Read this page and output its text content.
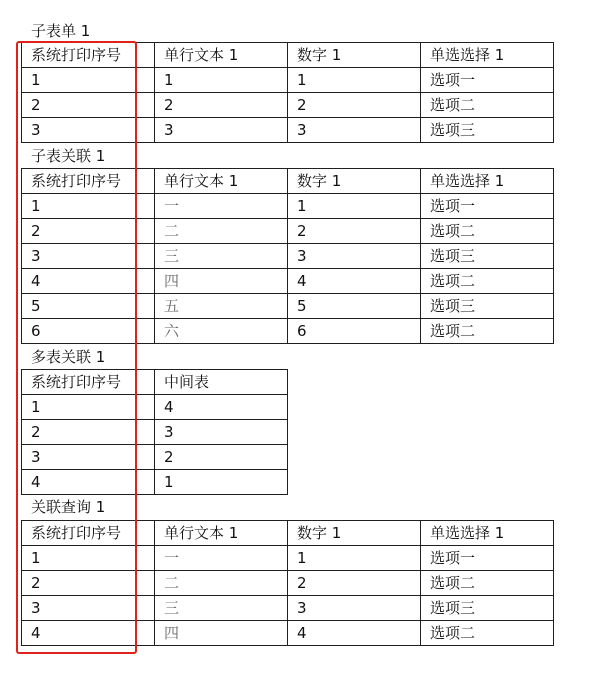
子表单 1
系统打印序号	单行文本 1	数字 1	单选选择 1
1	1	1	选项一
2	2	2	选项二
3	3	3	选项三
子表关联 1
系统打印序号	单行文本 1	数字 1	单选选择 1
1	一	1	选项一
2	二	2	选项二
3	三	3	选项三
4	四	4	选项二
5	五	5	选项三
6	六	6	选项二
多表关联 1
系统打印序号	中间表
1	4
2	3
3	2
4	1
关联查询 1
系统打印序号	单行文本 1	数字 1	单选选择 1
1	一	1	选项一
2	二	2	选项二
3	三	3	选项三
4	四	4	选项二
